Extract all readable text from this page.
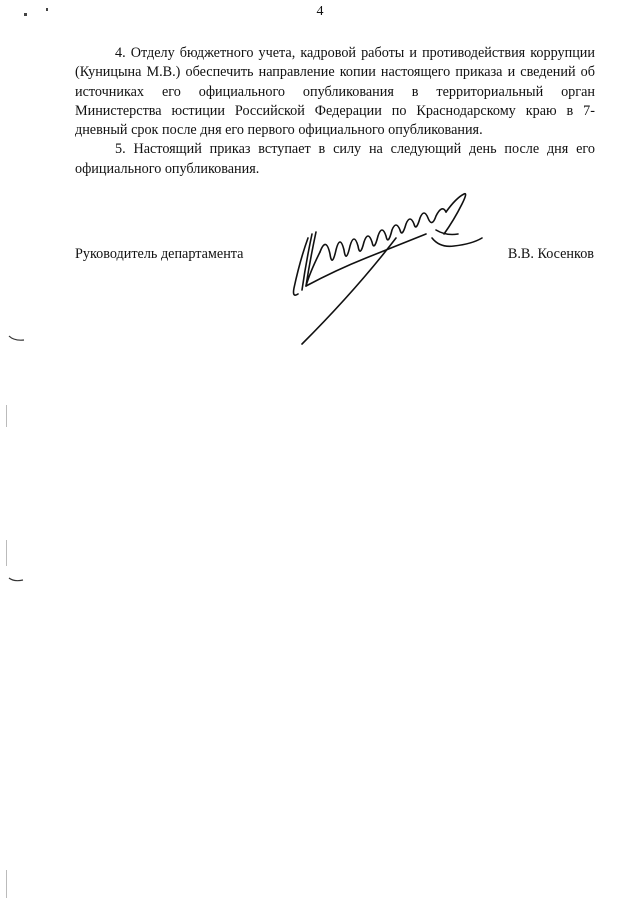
4

4. Отделу бюджетного учета, кадровой работы и противодействия коррупции (Куницына М.В.) обеспечить направление копии настоящего приказа и сведений об источниках его официального опубликования в территориальный орган Министерства юстиции Российской Федерации по Краснодарскому краю в 7-дневный срок после дня его первого официального опубликования.

5. Настоящий приказ вступает в силу на следующий день после дня его официального опубликования.

Руководитель департамента	В.В. Косенков
